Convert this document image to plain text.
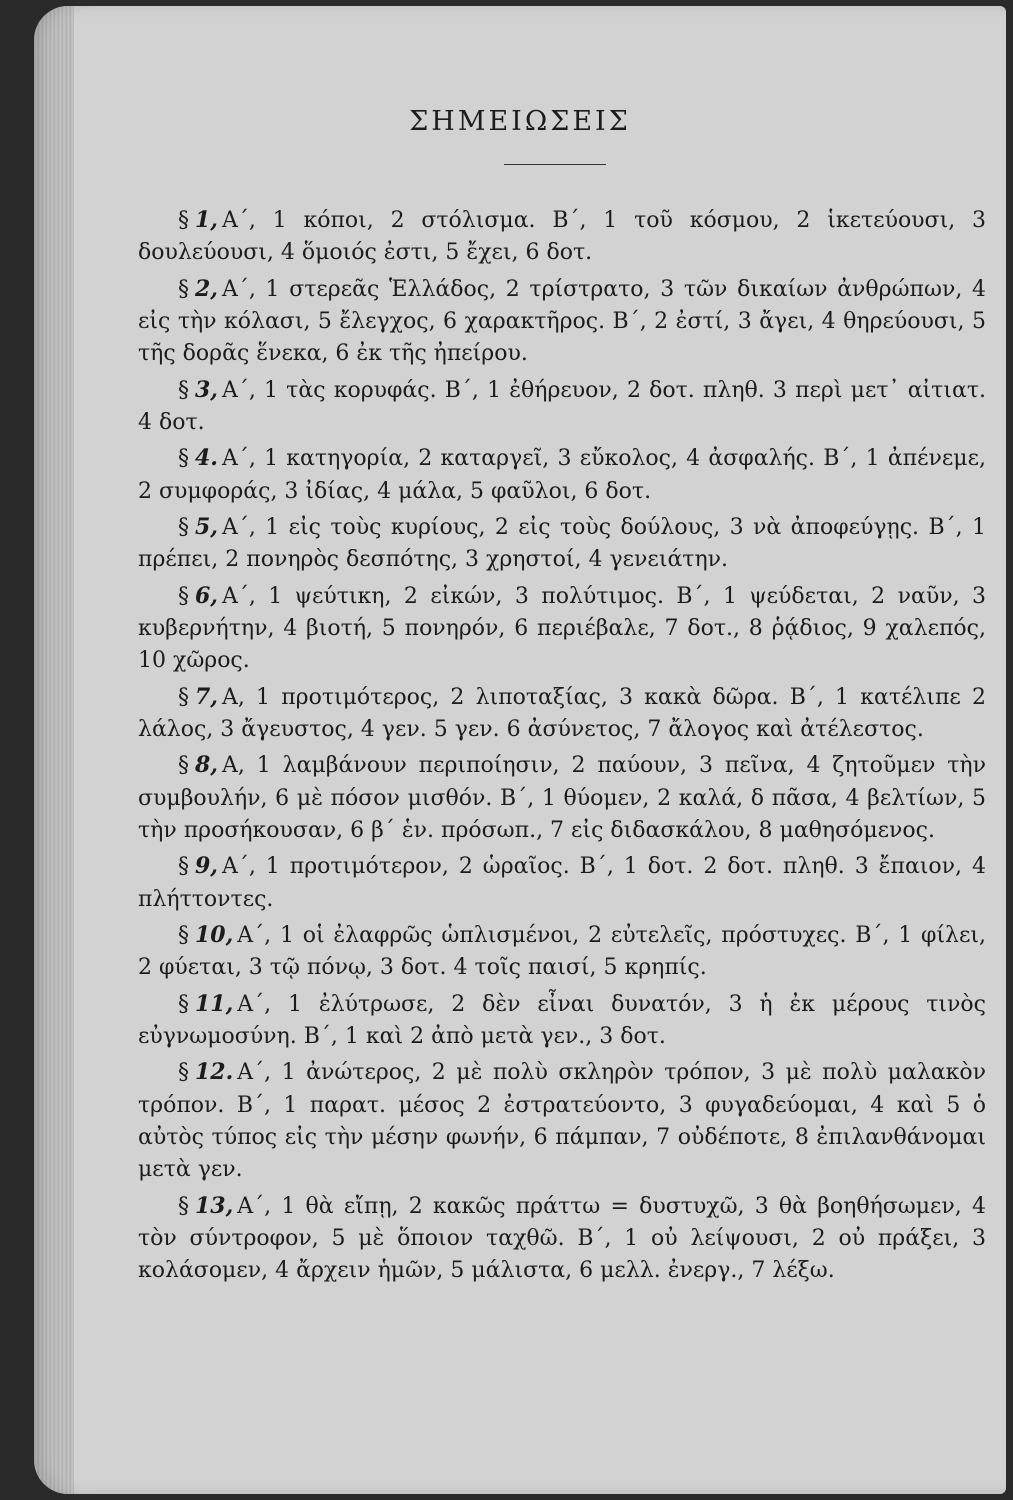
ΣΗΜΕΙΩΣΕΙΣ

§ 1, Α΄, 1 κόποι, 2 στόλισμα. Β΄, 1 τοῦ κόσμου, 2 ἱκετεύουσι, 3 δουλεύουσι, 4 ὅμοιός ἐστι, 5 ἔχει, 6 δοτ.

§ 2, Α΄, 1 στερεᾶς Ἑλλάδος, 2 τρίστρατο, 3 τῶν δικαίων ἀνθρώπων, 4 εἰς τὴν κόλασι, 5 ἔλεγχος, 6 χαρακτῆρος. Β΄, 2 ἐστί, 3 ἄγει, 4 θηρεύουσι, 5 τῆς δορᾶς ἕνεκα, 6 ἐκ τῆς ἠπείρου.

§ 3, Α΄, 1 τὰς κορυφάς. Β΄, 1 ἐθήρευον, 2 δοτ. πληθ. 3 περὶ μετ᾽ αἰτιατ. 4 δοτ.

§ 4. Α΄, 1 κατηγορία, 2 καταργεῖ, 3 εὔκολος, 4 ἀσφαλής. Β΄, 1 ἀπένεμε, 2 συμφοράς, 3 ἰδίας, 4 μάλα, 5 φαῦλοι, 6 δοτ.

§ 5, Α΄, 1 εἰς τοὺς κυρίους, 2 εἰς τοὺς δούλους, 3 νὰ ἀποφεύγῃς. Β΄, 1 πρέπει, 2 πονηρὸς δεσπότης, 3 χρηστοί, 4 γενειάτην.

§ 6, Α΄, 1 ψεύτικη, 2 εἰκών, 3 πολύτιμος. Β΄, 1 ψεύδεται, 2 ναῦν, 3 κυβερνήτην, 4 βιοτή, 5 πονηρόν, 6 περιέβαλε, 7 δοτ., 8 ῥᾴδιος, 9 χαλεπός, 10 χῶρος.

§ 7, Α, 1 προτιμότερος, 2 λιποταξίας, 3 κακὰ δῶρα. Β΄, 1 κατέλιπε 2 λάλος, 3 ἄγευστος, 4 γεν. 5 γεν. 6 ἀσύνετος, 7 ἄλογος καὶ ἀτέλεστος.

§ 8, Α, 1 λαμβάνουν περιποίησιν, 2 παύουν, 3 πεῖνα, 4 ζητοῦμεν τὴν συμβουλήν, 6 μὲ πόσον μισθόν. Β΄, 1 θύομεν, 2 καλά, δ πᾶσα, 4 βελτίων, 5 τὴν προσήκουσαν, 6 β΄ ἑν. πρόσωπ., 7 εἰς διδασκάλου, 8 μαθησόμενος.

§ 9, Α΄, 1 προτιμότερον, 2 ὡραῖος. Β΄, 1 δοτ. 2 δοτ. πληθ. 3 ἔπαιον, 4 πλήττοντες.

§ 10, Α΄, 1 οἱ ἐλαφρῶς ὡπλισμένοι, 2 εὐτελεῖς, πρόστυχες. Β΄, 1 φίλει, 2 φύεται, 3 τῷ πόνῳ, 3 δοτ. 4 τοῖς παισί, 5 κρηπίς.

§ 11, Α΄, 1 ἐλύτρωσε, 2 δὲν εἶναι δυνατόν, 3 ἡ ἐκ μέρους τινὸς εὐγνωμοσύνη. Β΄, 1 καὶ 2 ἀπὸ μετὰ γεν., 3 δοτ.

§ 12. Α΄, 1 ἀνώτερος, 2 μὲ πολὺ σκληρὸν τρόπον, 3 μὲ πολὺ μαλακὸν τρόπον. Β΄, 1 παρατ. μέσος 2 ἐστρατεύοντο, 3 φυγαδεύομαι, 4 καὶ 5 ὁ αὐτὸς τύπος εἰς τὴν μέσην φωνήν, 6 πάμπαν, 7 οὐδέποτε, 8 ἐπιλανθάνομαι μετὰ γεν.

§ 13, Α΄, 1 θὰ εἴπῃ, 2 κακῶς πράττω = δυστυχῶ, 3 θὰ βοηθήσωμεν, 4 τὸν σύντροφον, 5 μὲ ὅποιον ταχθῶ. Β΄, 1 οὐ λείψουσι, 2 οὐ πράξει, 3 κολάσομεν, 4 ἄρχειν ἡμῶν, 5 μάλιστα, 6 μελλ. ἐνεργ., 7 λέξω.
